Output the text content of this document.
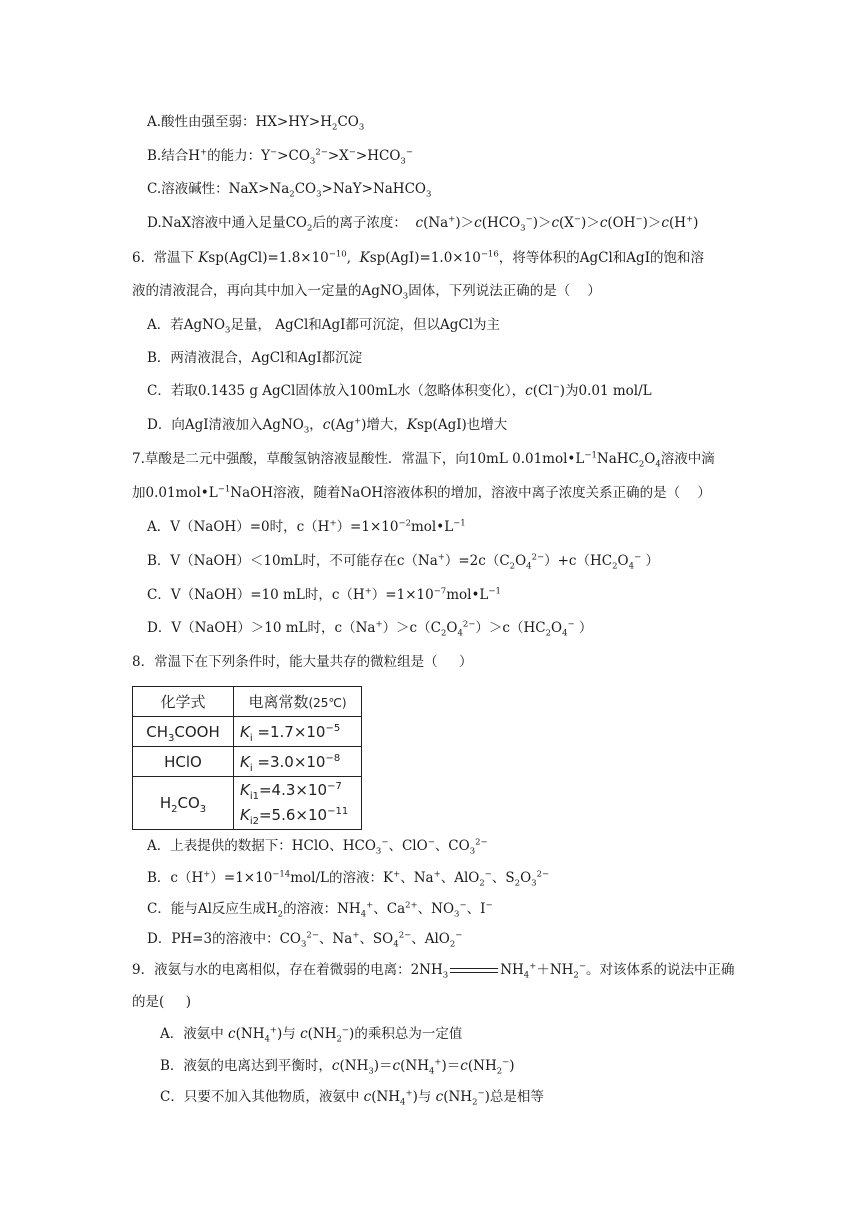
A.酸性由强至弱：$HX>HY>H_2CO_3$
B.结合H+的能力：$Y^->CO_3^{2-}>X^->HCO_3^-$
C.溶液碱性：$NaX>Na_2CO_3>NaY>NaHCO_3$
D.NaX溶液中通入足量$CO_2$后的离子浓度：  $c(Na^+)>c(HCO_3^-)>c(X^-)>c(OH^-)>c(H^+)$
6.  常温下 $Ksp(AgCl)=1.8\times 10^{-10}$,  $Ksp(AgI)=1.0\times 10^{-16}$，将等体积的AgCl和AgI的饱和溶
液的清液混合，再向其中加入一定量的AgNO$_3$固体，下列说法正确的是（    ）
A．若AgNO$_3$足量， AgCl和AgI都可沉淀，但以AgCl为主
B．两清液混合，AgCl和AgI都沉淀
C．若取0.1435 g AgCl固体放入100mL水（忽略体积变化），c(Cl−)为0.01 mol/L
D．向AgI清液加入AgNO$_3$，c(Ag+)增大，Ksp(AgI)也增大
7.草酸是二元中强酸，草酸氢钠溶液显酸性．常温下，向10mL $0.01mol•L^{-1}NaHC_2O_4$溶液中滴
加$0.01mol•L^{-1}NaOH$溶液，随着NaOH溶液体积的增加，溶液中离子浓度关系正确的是（    ）
A．V（NaOH）=0时，$c(H^+)=1\times 10^{-2}mol•L^{-1}$
B．V（NaOH）＜10mL时，不可能存在$c(Na^+)=2c(C_2O_4^{2-})+c(HC_2O_4^-$ ）
C．V（NaOH）=10 mL时，$c(H^+)=1\times 10^{-7}mol•L^{-1}$
D．V（NaOH）＞10 mL时，$c(Na^+)>c(C_2O_4^{2-})>c(HC_2O_4^-$ ）
8．常温下在下列条件时，能大量共存的微粒组是（     ）
化学式	电离常数(25℃)
$CH_3COOH$	$K_i =1.7\times 10^{-5}$
HClO	$K_i =3.0\times 10^{-8}$
$H_2CO_3$	$K_{i1}=4.3\times 10^{-7}$
$K_{i2}=5.6\times 10^{-11}$
A．上表提供的数据下：HClO、$HCO_3^-$、ClO−、$CO_3^{2-}$
B．$c(H^+)=1\times 10^{-14}mol/L$的溶液：K+、Na+、AlO$_2$−、$S_2O_3^{2-}$
C．能与Al反应生成$H_2$的溶液：$NH_4^+$、$Ca^{2+}$、$NO_3^-$、I−
D．PH=3的溶液中：$CO_3^{2-}$、Na+、$SO_4^{2-}$、AlO$_2$−
9．液氨与水的电离相似，存在着微弱的电离：$2NH_3$	$NH_4^++NH_2^-$。对该体系的说法中正确
的是(     )
A．液氨中 $c(NH_4^+)$与 $c(NH_2^-)$的乘积总为一定值
B．液氨的电离达到平衡时，$c(NH_3)=c(NH_4^+)=c(NH_2^-)$
C．只要不加入其他物质，液氨中 $c(NH_4^+)$与 $c(NH_2^-)$总是相等
